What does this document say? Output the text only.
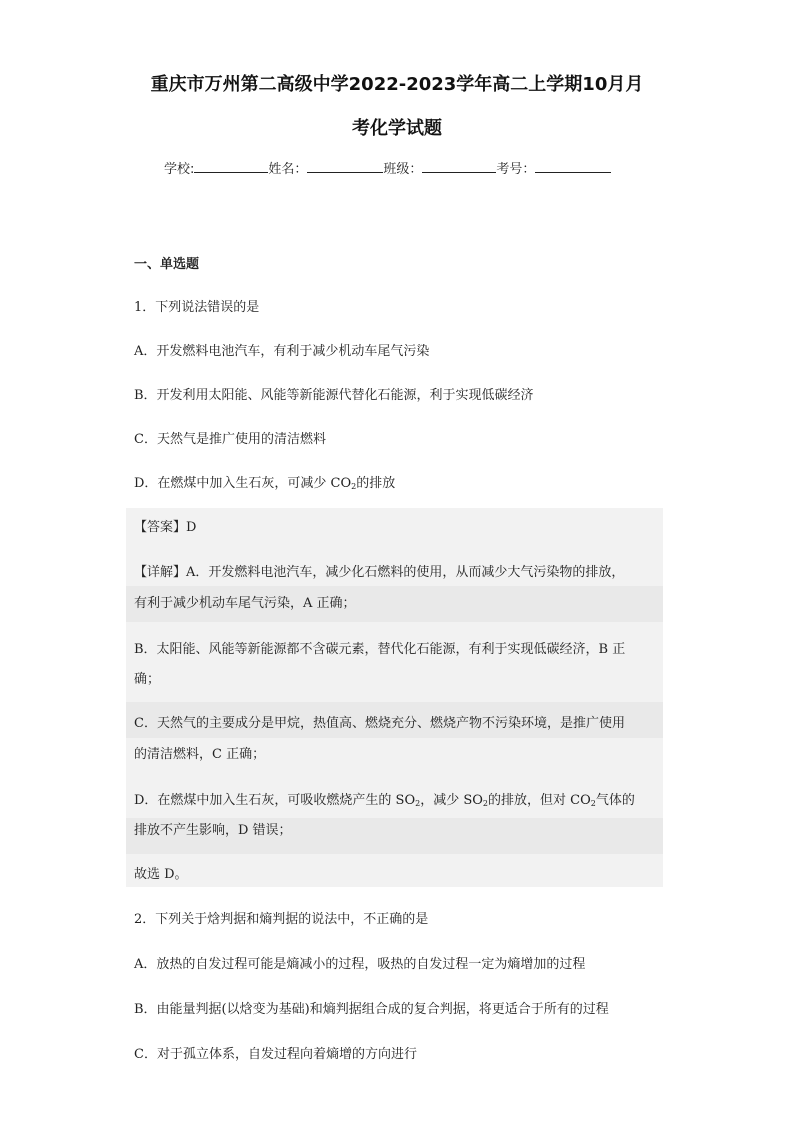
重庆市万州第二高级中学2022-2023学年高二上学期10月月
考化学试题
学校:	姓名：	班级：	考号：
一、单选题
1．下列说法错误的是
A．开发燃料电池汽车，有利于减少机动车尾气污染
B．开发利用太阳能、风能等新能源代替化石能源，利于实现低碳经济
C．天然气是推广使用的清洁燃料
D．在燃煤中加入生石灰，可减少 $CO_2$的排放
【答案】D
【详解】A．开发燃料电池汽车，减少化石燃料的使用，从而减少大气污染物的排放，
有利于减少机动车尾气污染，A 正确；
B．太阳能、风能等新能源都不含碳元素，替代化石能源，有利于实现低碳经济，B 正
确；
C．天然气的主要成分是甲烷，热值高、燃烧充分、燃烧产物不污染环境，是推广使用
的清洁燃料，C 正确；
D．在燃煤中加入生石灰，可吸收燃烧产生的 $SO_2$，减少 $SO_2$的排放，但对 $CO_2$气体的
排放不产生影响，D 错误；
故选 D。
2．下列关于焓判据和熵判据的说法中，不正确的是
A．放热的自发过程可能是熵减小的过程，吸热的自发过程一定为熵增加的过程
B．由能量判据(以焓变为基础)和熵判据组合成的复合判据，将更适合于所有的过程
C．对于孤立体系，自发过程向着熵增的方向进行
